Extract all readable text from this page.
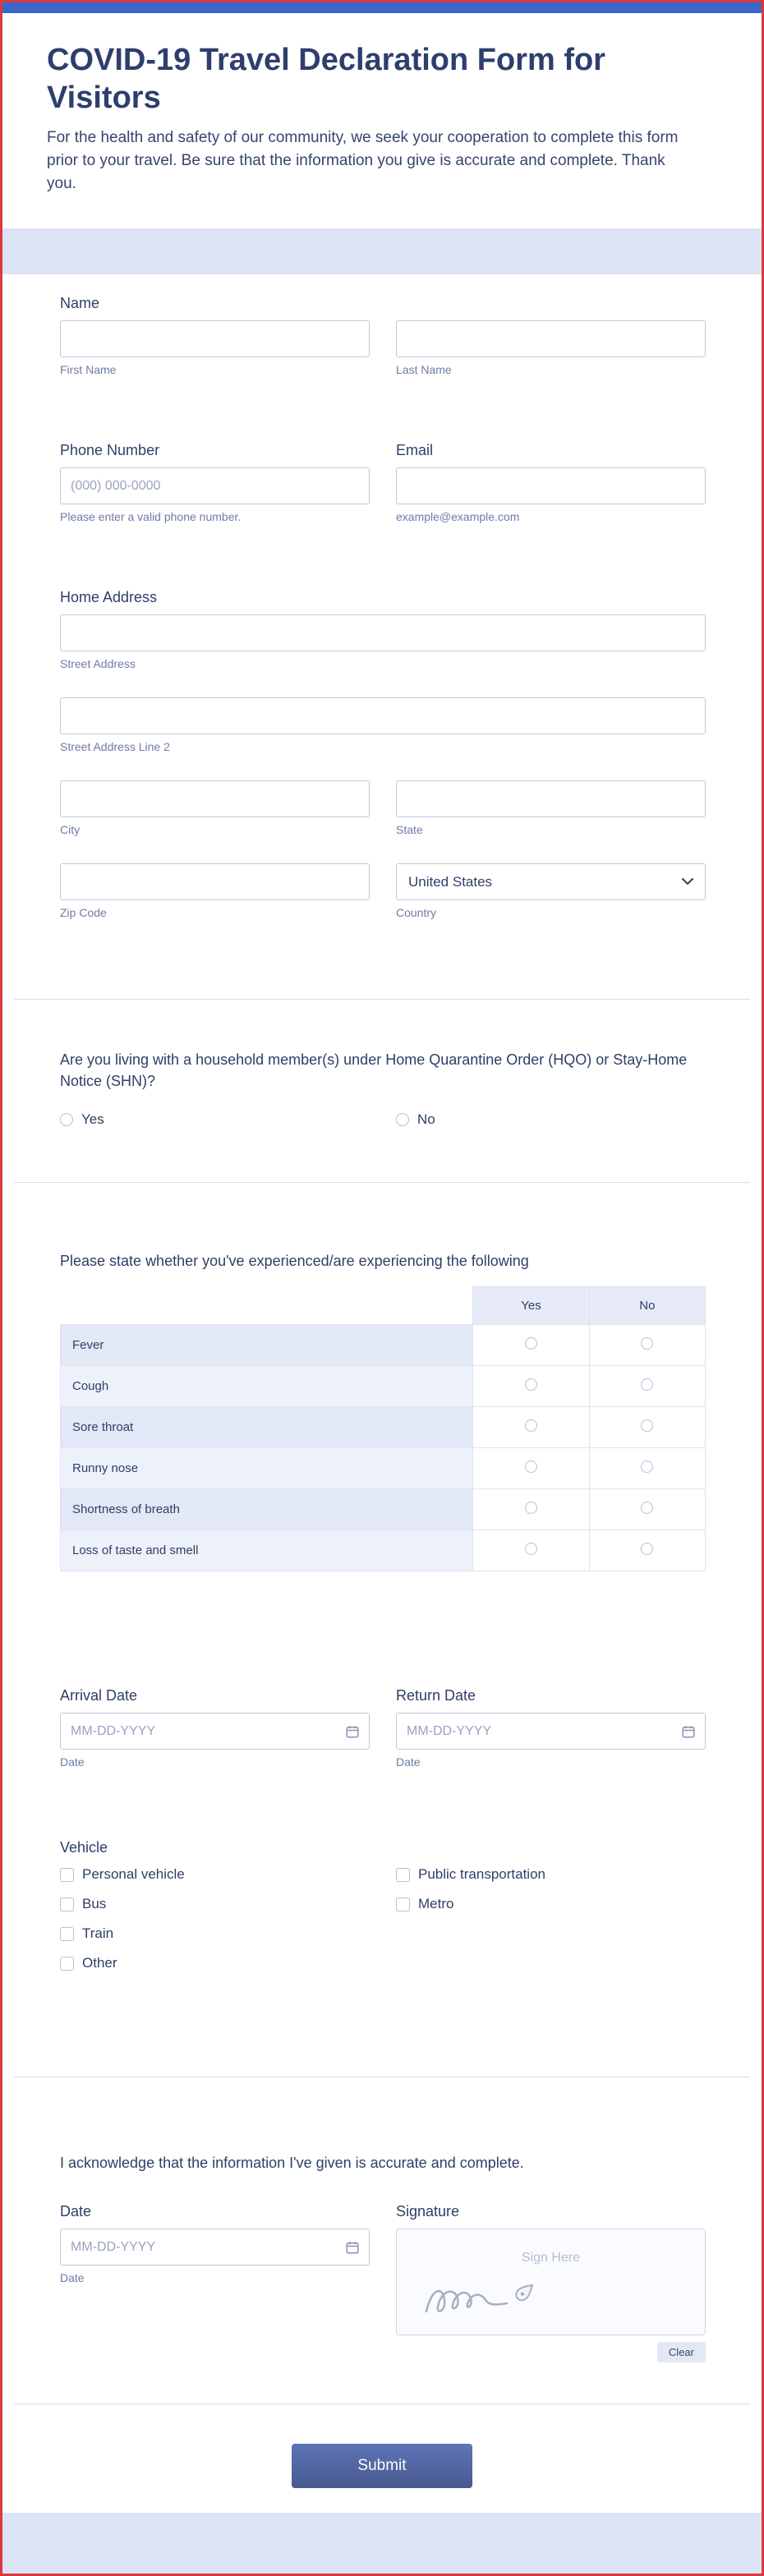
COVID-19 Travel Declaration Form for Visitors

For the health and safety of our community, we seek your cooperation to complete this form prior to your travel. Be sure that the information you give is accurate and complete. Thank you.

Name
First Name	Last Name
Phone Number
(000) 000-0000
Please enter a valid phone number.
Email
example@example.com
Home Address
Street Address
Street Address Line 2
City	State
Zip Code
United States
Country
Are you living with a household member(s) under Home Quarantine Order (HQO) or Stay-Home Notice (SHN)?
Yes	No
Please state whether you've experienced/are experiencing the following
	Yes	No
Fever		
Cough		
Sore throat		
Runny nose		
Shortness of breath		
Loss of taste and smell		
Arrival Date
MM-DD-YYYY
Date
Return Date
MM-DD-YYYY
Date
Vehicle
Personal vehicle
Bus
Train
Other
Public transportation
Metro
I acknowledge that the information I've given is accurate and complete.
Date
MM-DD-YYYY
Date
Signature
Sign Here
Clear
Submit
